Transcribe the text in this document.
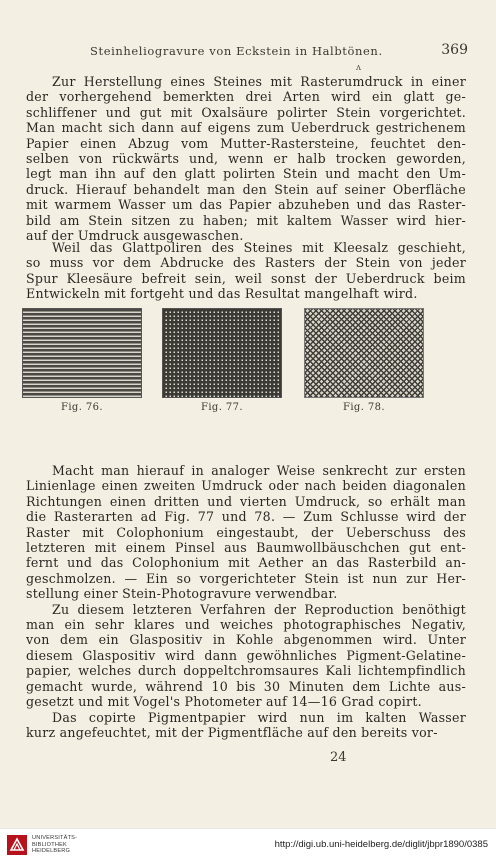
Steinheliogravure von Eckstein in Halbtönen.	369
ʌ
Zur Herstellung eines Steines mit Rasterumdruck in einer
der vorhergehend bemerkten drei Arten wird ein glatt ge-
schliffener und gut mit Oxalsäure polirter Stein vorgerichtet.
Man macht sich dann auf eigens zum Ueberdruck gestrichenem
Papier einen Abzug vom Mutter-Rastersteine, feuchtet den-
selben von rückwärts und, wenn er halb trocken geworden,
legt man ihn auf den glatt polirten Stein und macht den Um-
druck. Hierauf behandelt man den Stein auf seiner Oberfläche
mit warmem Wasser um das Papier abzuheben und das Raster-
bild am Stein sitzen zu haben; mit kaltem Wasser wird hier-
auf der Umdruck ausgewaschen.
Weil das Glattpoliren des Steines mit Kleesalz geschieht,
so muss vor dem Abdrucke des Rasters der Stein von jeder
Spur Kleesäure befreit sein, weil sonst der Ueberdruck beim
Entwickeln mit fortgeht und das Resultat mangelhaft wird.
Fig. 76.	Fig. 77.	Fig. 78.
Macht man hierauf in analoger Weise senkrecht zur ersten
Linienlage einen zweiten Umdruck oder nach beiden diagonalen
Richtungen einen dritten und vierten Umdruck, so erhält man
die Rasterarten ad Fig. 77 und 78. — Zum Schlusse wird der
Raster mit Colophonium eingestaubt, der Ueberschuss des
letzteren mit einem Pinsel aus Baumwollbäuschchen gut ent-
fernt und das Colophonium mit Aether an das Rasterbild an-
geschmolzen. — Ein so vorgerichteter Stein ist nun zur Her-
stellung einer Stein-Photogravure verwendbar.
Zu diesem letzteren Verfahren der Reproduction benöthigt
man ein sehr klares und weiches photographisches Negativ,
von dem ein Glaspositiv in Kohle abgenommen wird. Unter
diesem Glaspositiv wird dann gewöhnliches Pigment-Gelatine-
papier, welches durch doppeltchromsaures Kali lichtempfindlich
gemacht wurde, während 10 bis 30 Minuten dem Lichte aus-
gesetzt und mit Vogel's Photometer auf 14—16 Grad copirt.
Das copirte Pigmentpapier wird nun im kalten Wasser
kurz angefeuchtet, mit der Pigmentfläche auf den bereits vor-
24
UNIVERSITÄTS-
BIBLIOTHEK
HEIDELBERG
http://digi.ub.uni-heidelberg.de/diglit/jbpr1890/0385
